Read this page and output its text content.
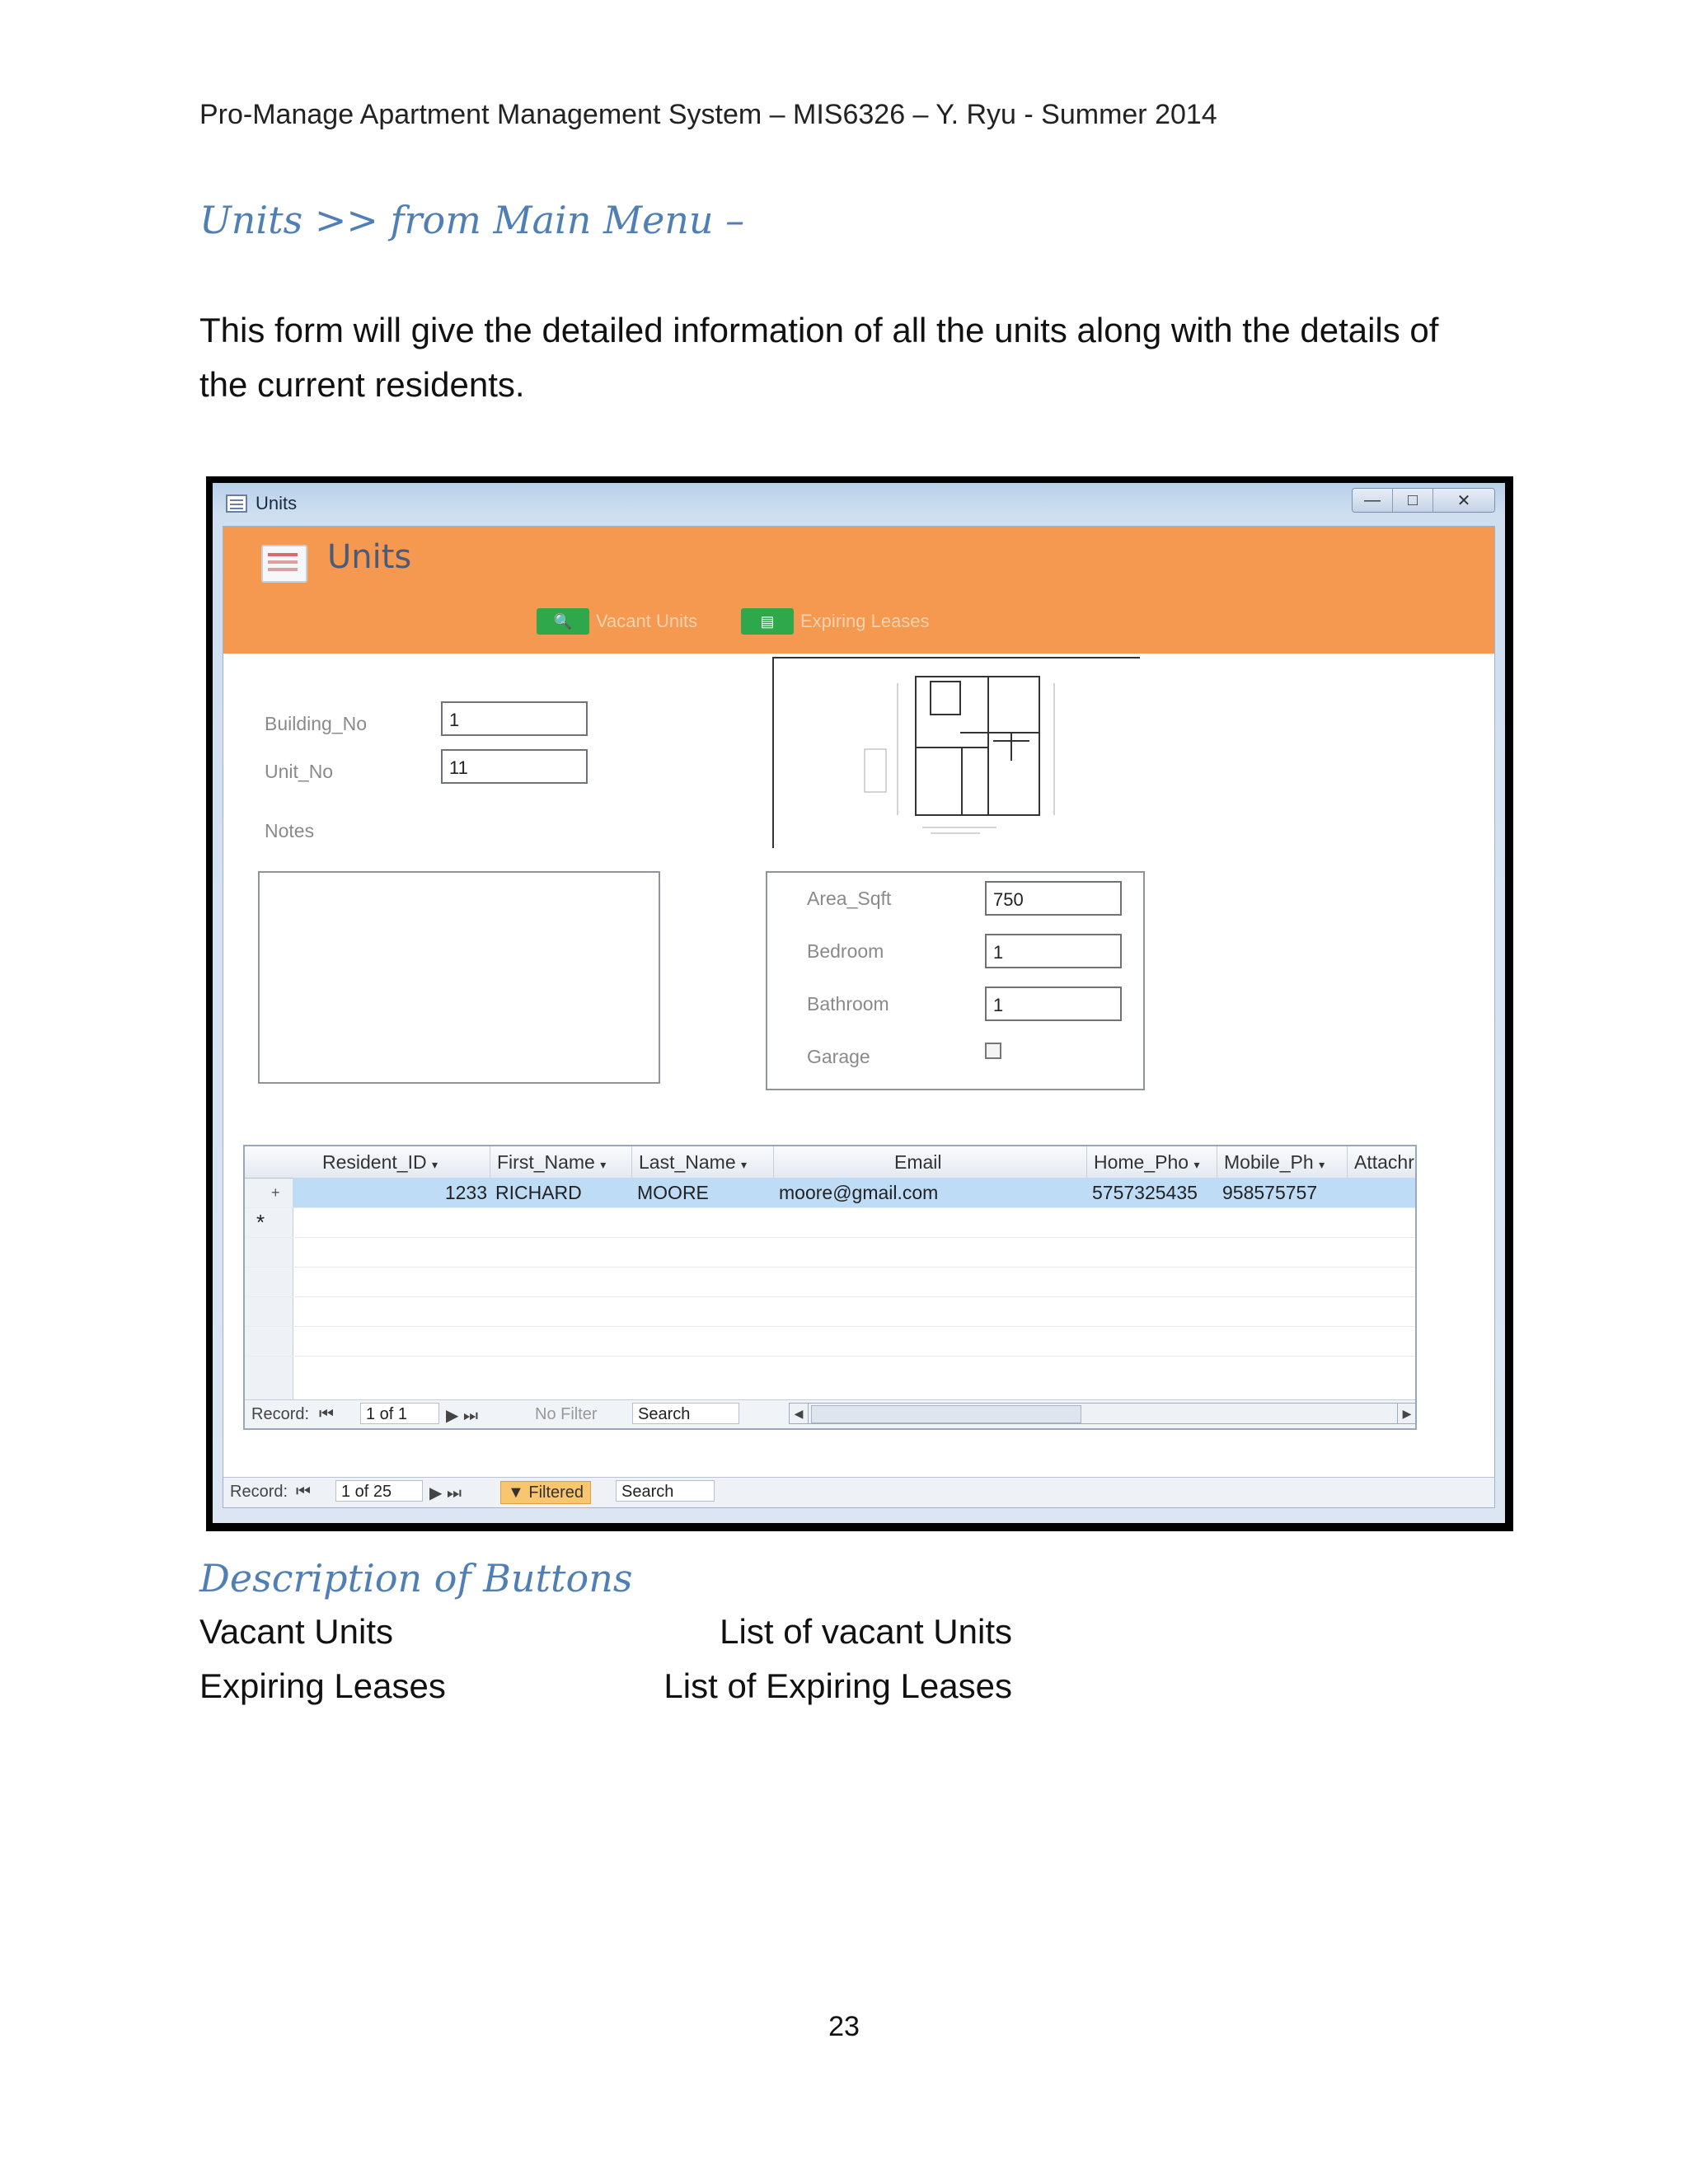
Pro-Manage Apartment Management System – MIS6326 – Y. Ryu - Summer 2014
Units >> from Main Menu –
This form will give the detailed information of all the units along with the details of the current residents.
Units	—	□	✕
Units
🔍	Vacant Units	▤	Expiring Leases
Building_No	1
Unit_No	11
Notes
Area_Sqft	750
Bedroom	1
Bathroom	1
Garage
Resident_ID ▾	First_Name ▾	Last_Name ▾	Email	Home_Pho ▾	Mobile_Ph ▾	Attachr
+	1233 RICHARD	MOORE	moore@gmail.com	5757325435 958575757
*
Record: ⏮	1 of 1	▶ ⏭	No Filter	Search	◀	▶
Record: ⏮	1 of 25	▶ ⏭	▼ Filtered	Search
Description of Buttons
Vacant Units	List of vacant Units
Expiring Leases	List of Expiring Leases
23
